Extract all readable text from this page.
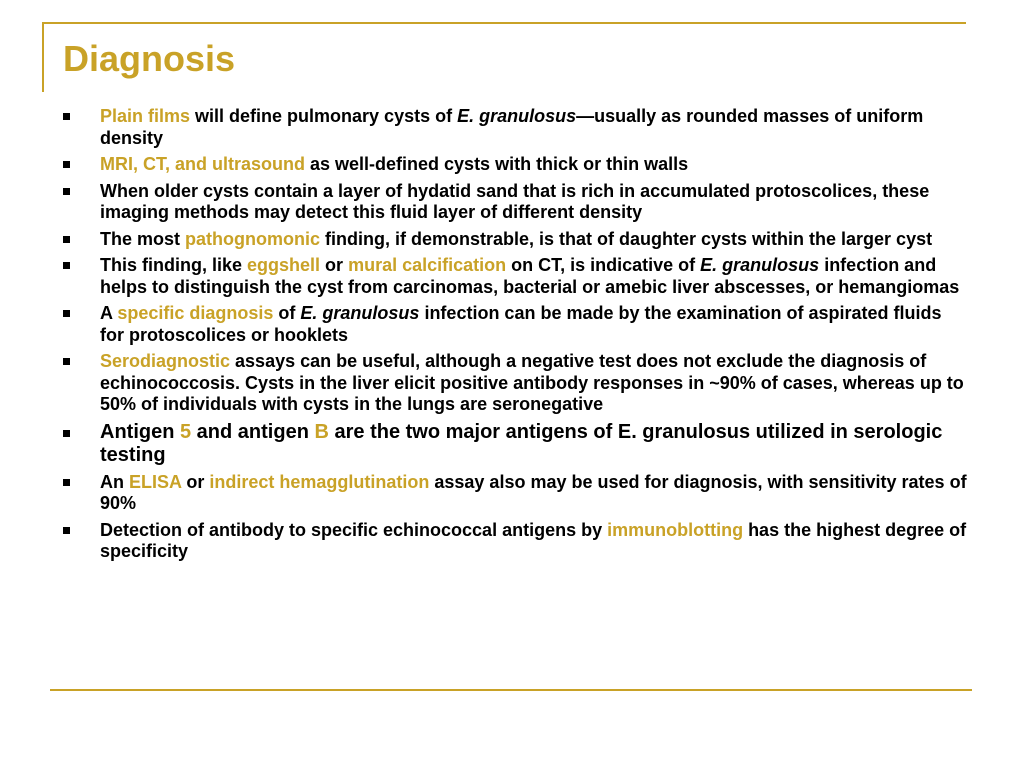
Diagnosis
Plain films will define pulmonary cysts of E. granulosus—usually as rounded masses of uniform density
MRI, CT, and ultrasound as well-defined cysts with thick or thin walls
When older cysts contain a layer of hydatid sand that is rich in accumulated protoscolices, these imaging methods may detect this fluid layer of different density
The most pathognomonic finding, if demonstrable, is that of daughter cysts within the larger cyst
This finding, like eggshell or mural calcification on CT, is indicative of E. granulosus infection and helps to distinguish the cyst from carcinomas, bacterial or amebic liver abscesses, or hemangiomas
A specific diagnosis of E. granulosus infection can be made by the examination of aspirated fluids for protoscolices or hooklets
Serodiagnostic assays can be useful, although a negative test does not exclude the diagnosis of echinococcosis. Cysts in the liver elicit positive antibody responses in ~90% of cases, whereas up to 50% of individuals with cysts in the lungs are seronegative
Antigen 5 and antigen B are the two major antigens of E. granulosus utilized in serologic testing
An ELISA or indirect hemagglutination assay also may be used for diagnosis, with sensitivity rates of 90%
Detection of antibody to specific echinococcal antigens by immunoblotting has the highest degree of specificity
